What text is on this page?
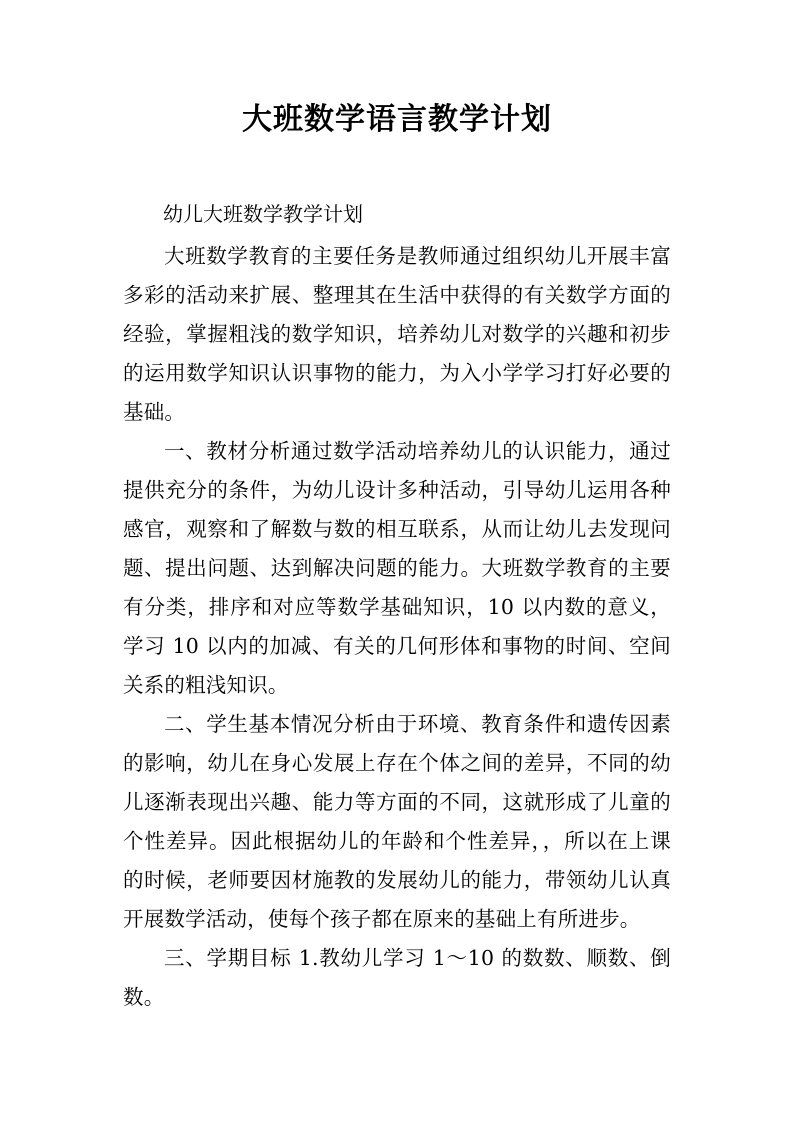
大班数学语言教学计划

幼儿大班数学教学计划

大班数学教育的主要任务是教师通过组织幼儿开展丰富多彩的活动来扩展、整理其在生活中获得的有关数学方面的经验，掌握粗浅的数学知识，培养幼儿对数学的兴趣和初步的运用数学知识认识事物的能力，为入小学学习打好必要的基础。

一、教材分析通过数学活动培养幼儿的认识能力，通过提供充分的条件，为幼儿设计多种活动，引导幼儿运用各种感官，观察和了解数与数的相互联系，从而让幼儿去发现问题、提出问题、达到解决问题的能力。大班数学教育的主要有分类，排序和对应等数学基础知识，10 以内数的意义，学习 10 以内的加减、有关的几何形体和事物的时间、空间关系的粗浅知识。

二、学生基本情况分析由于环境、教育条件和遗传因素的影响，幼儿在身心发展上存在个体之间的差异，不同的幼儿逐渐表现出兴趣、能力等方面的不同，这就形成了儿童的个性差异。因此根据幼儿的年龄和个性差异，，所以在上课的时候，老师要因材施教的发展幼儿的能力，带领幼儿认真开展数学活动，使每个孩子都在原来的基础上有所进步。

三、学期目标 1.教幼儿学习 1～10 的数数、顺数、倒数。
